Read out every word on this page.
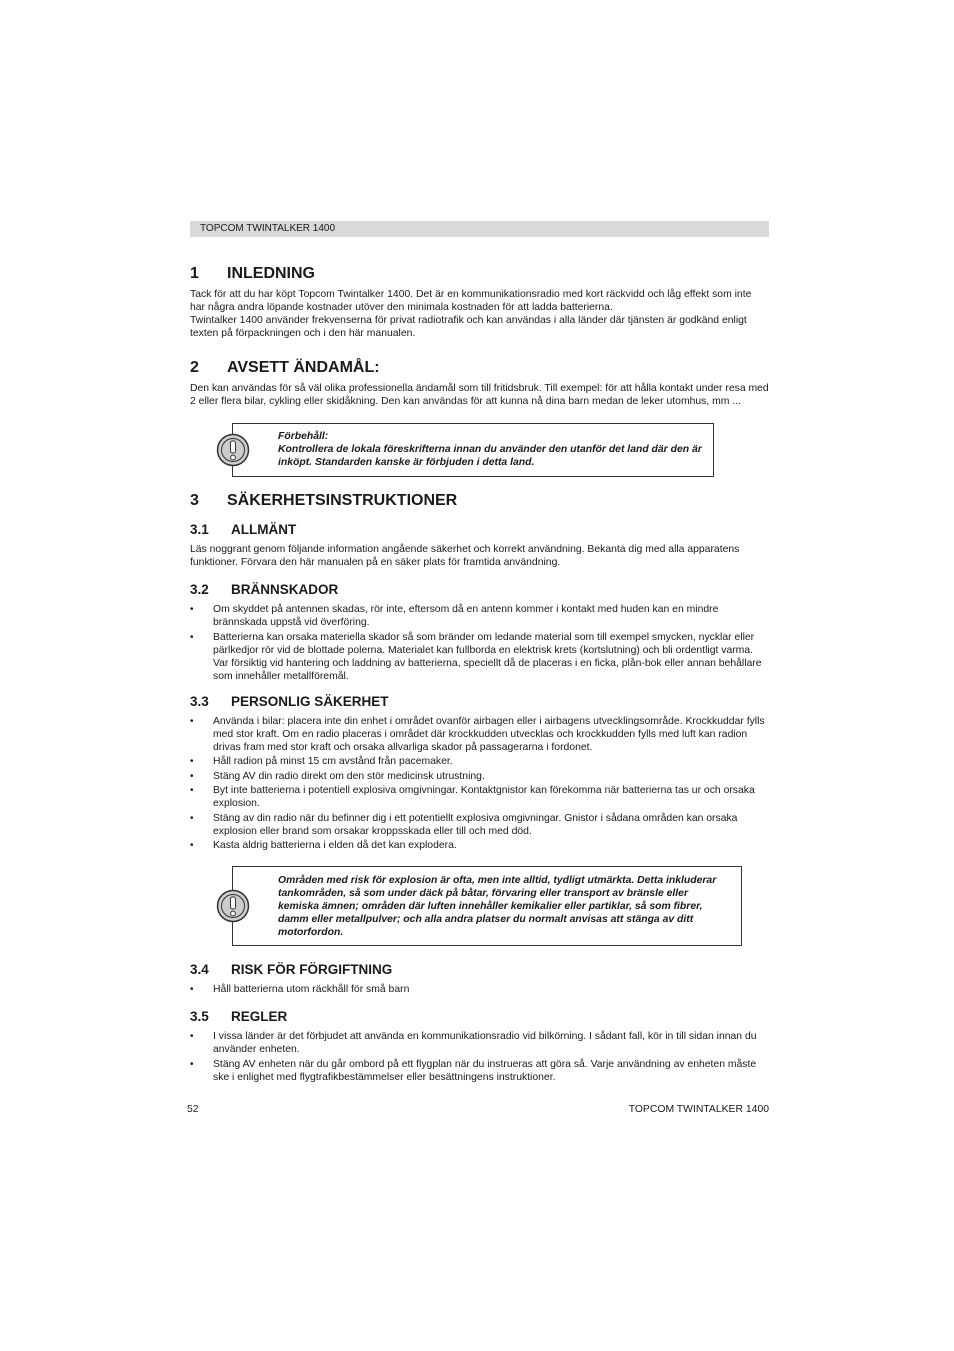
TOPCOM TWINTALKER 1400
1	INLEDNING

Tack för att du har köpt Topcom Twintalker 1400. Det är en kommunikationsradio med kort räckvidd och låg effekt som inte har några andra löpande kostnader utöver den minimala kostnaden för att ladda batterierna.

Twintalker 1400 använder frekvenserna för privat radiotrafik och kan användas i alla länder där tjänsten är godkänd enligt texten på förpackningen och i den här manualen.

2	AVSETT ÄNDAMÅL:

Den kan användas för så väl olika professionella ändamål som till fritidsbruk. Till exempel: för att hålla kontakt under resa med 2 eller flera bilar, cykling eller skidåkning. Den kan användas för att kunna nå dina barn medan de leker utomhus, mm ...

Förbehåll:
Kontrollera de lokala föreskrifterna innan du använder den utanför det land där den är inköpt. Standarden kanske är förbjuden i detta land.
3	SÄKERHETSINSTRUKTIONER
3.1	ALLMÄNT

Läs noggrant genom följande information angående säkerhet och korrekt användning. Bekanta dig med alla apparatens funktioner. Förvara den här manualen på en säker plats för framtida användning.

3.2	BRÄNNSKADOR
• Om skyddet på antennen skadas, rör inte, eftersom då en antenn kommer i kontakt med huden kan en mindre brännskada uppstå vid överföring.
• Batterierna kan orsaka materiella skador så som bränder om ledande material som till exempel smycken, nycklar eller pärlkedjor rör vid de blottade polerna. Materialet kan fullborda en elektrisk krets (kortslutning) och bli ordentligt varma. Var försiktig vid hantering och laddning av batterierna, speciellt då de placeras i en ficka, plån-bok eller annan behållare som innehåller metallföremål.
3.3	PERSONLIG SÄKERHET
• Använda i bilar: placera inte din enhet i området ovanför airbagen eller i airbagens utvecklingsområde. Krockkuddar fylls med stor kraft. Om en radio placeras i området där krockkudden utvecklas och krockkudden fylls med luft kan radion drivas fram med stor kraft och orsaka allvarliga skador på passagerarna i fordonet.
• Håll radion på minst 15 cm avstånd från pacemaker.
• Stäng AV din radio direkt om den stör medicinsk utrustning.
• Byt inte batterierna i potentiell explosiva omgivningar. Kontaktgnistor kan förekomma när batterierna tas ur och orsaka explosion.
• Stäng av din radio när du befinner dig i ett potentiellt explosiva omgivningar. Gnistor i sådana områden kan orsaka explosion eller brand som orsakar kroppsskada eller till och med död.
• Kasta aldrig batterierna i elden då det kan explodera.
Områden med risk för explosion är ofta, men inte alltid, tydligt utmärkta. Detta inkluderar tankområden, så som under däck på båtar, förvaring eller transport av bränsle eller kemiska ämnen; områden där luften innehåller kemikalier eller partiklar, så som fibrer, damm eller metallpulver; och alla andra platser du normalt anvisas att stänga av ditt motorfordon.
3.4	RISK FÖR FÖRGIFTNING
• Håll batterierna utom räckhåll för små barn
3.5	REGLER
• I vissa länder är det förbjudet att använda en kommunikationsradio vid bilkörning. I sådant fall, kör in till sidan innan du använder enheten.
• Stäng AV enheten när du går ombord på ett flygplan när du instrueras att göra så. Varje användning av enheten måste ske i enlighet med flygtrafikbestämmelser eller besättningens instruktioner.
52	TOPCOM TWINTALKER 1400
